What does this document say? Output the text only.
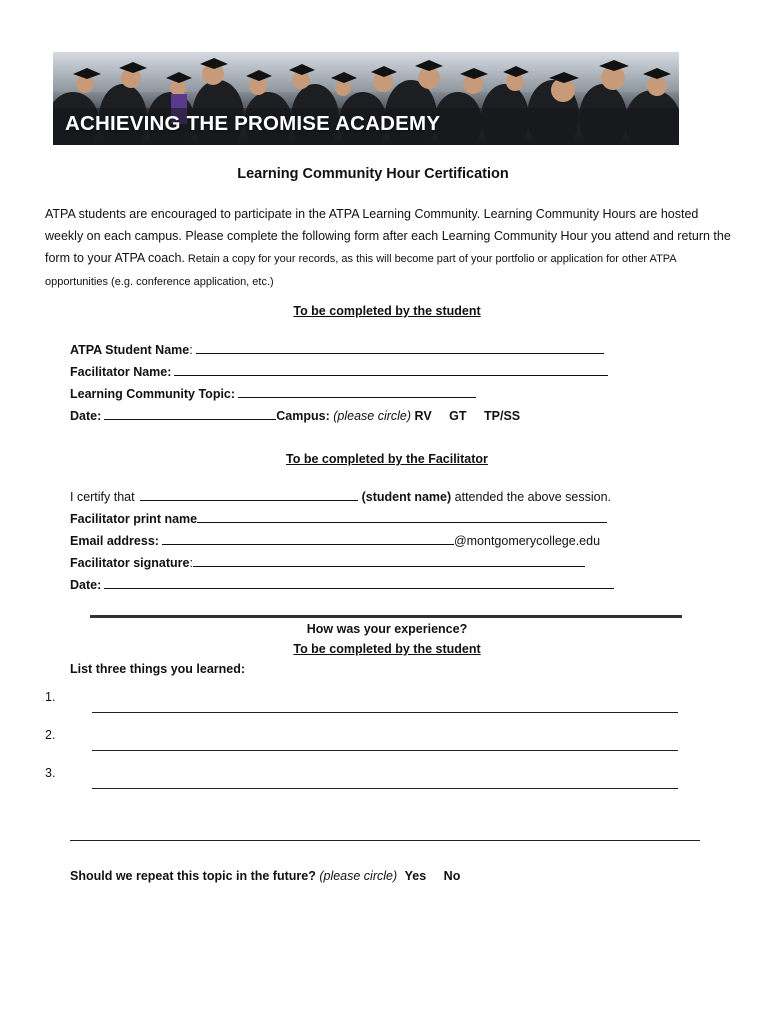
ACHIEVING THE PROMISE ACADEMY
Learning Community Hour Certification
ATPA students are encouraged to participate in the ATPA Learning Community. Learning Community Hours are hosted weekly on each campus. Please complete the following form after each Learning Community Hour you attend and return the form to your ATPA coach. Retain a copy for your records, as this will become part of your portfolio or application for other ATPA opportunities (e.g. conference application, etc.)
To be completed by the student
ATPA Student Name:
Facilitator Name:
Learning Community Topic:
Date:	Campus: (please circle) RV GT TP/SS
To be completed by the Facilitator
I certify that	(student name) attended the above session.
Facilitator print name
Email address:	@montgomerycollege.edu
Facilitator signature:
Date:
How was your experience?
To be completed by the student
List three things you learned:
1.
2.
3.
Should we repeat this topic in the future? (please circle) Yes No
